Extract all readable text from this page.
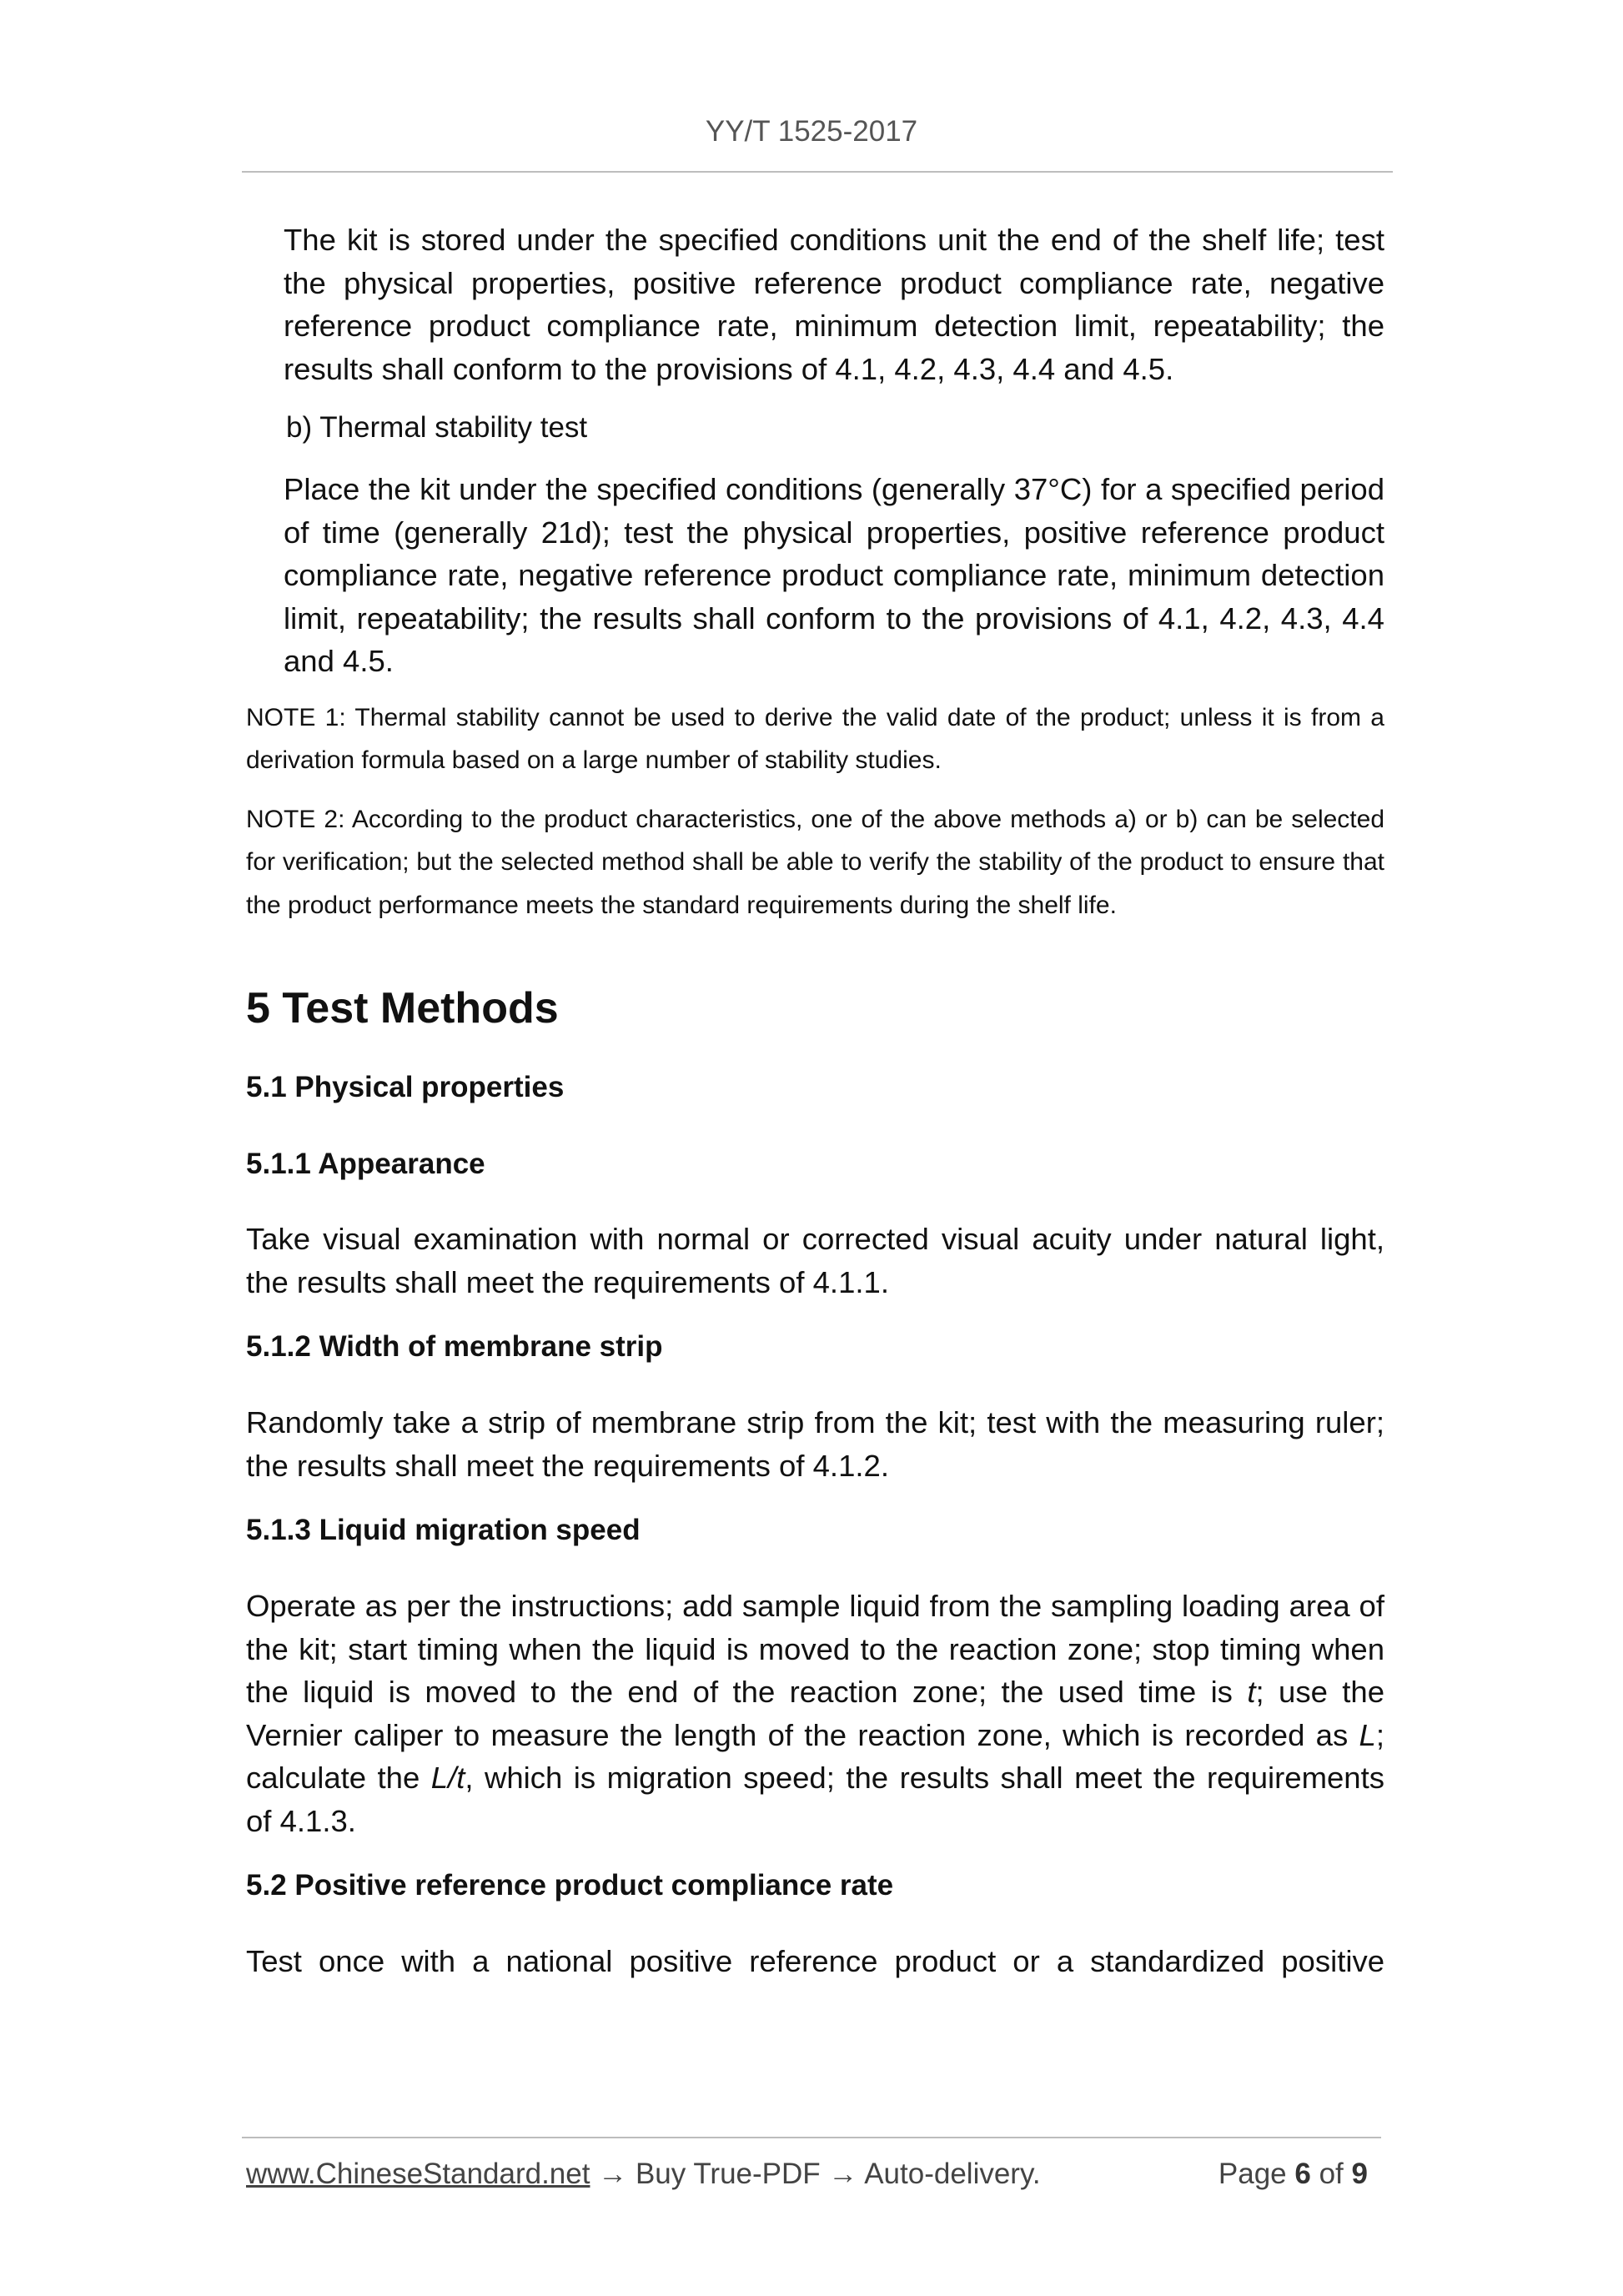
YY/T 1525-2017

The kit is stored under the specified conditions unit the end of the shelf life; test the physical properties, positive reference product compliance rate, negative reference product compliance rate, minimum detection limit, repeatability; the results shall conform to the provisions of 4.1, 4.2, 4.3, 4.4 and 4.5.

b) Thermal stability test

Place the kit under the specified conditions (generally 37°C) for a specified period of time (generally 21d); test the physical properties, positive reference product compliance rate, negative reference product compliance rate, minimum detection limit, repeatability; the results shall conform to the provisions of 4.1, 4.2, 4.3, 4.4 and 4.5.

NOTE 1: Thermal stability cannot be used to derive the valid date of the product; unless it is from a derivation formula based on a large number of stability studies.

NOTE 2: According to the product characteristics, one of the above methods a) or b) can be selected for verification; but the selected method shall be able to verify the stability of the product to ensure that the product performance meets the standard requirements during the shelf life.

5 Test Methods
5.1 Physical properties
5.1.1 Appearance

Take visual examination with normal or corrected visual acuity under natural light, the results shall meet the requirements of 4.1.1.

5.1.2 Width of membrane strip

Randomly take a strip of membrane strip from the kit; test with the measuring ruler; the results shall meet the requirements of 4.1.2.

5.1.3 Liquid migration speed

Operate as per the instructions; add sample liquid from the sampling loading area of the kit; start timing when the liquid is moved to the reaction zone; stop timing when the liquid is moved to the end of the reaction zone; the used time is t; use the Vernier caliper to measure the length of the reaction zone, which is recorded as L; calculate the L/t, which is migration speed; the results shall meet the requirements of 4.1.3.

5.2 Positive reference product compliance rate

Test once with a national positive reference product or a standardized positive

www.ChineseStandard.net → Buy True-PDF → Auto-delivery.	Page 6 of 9
